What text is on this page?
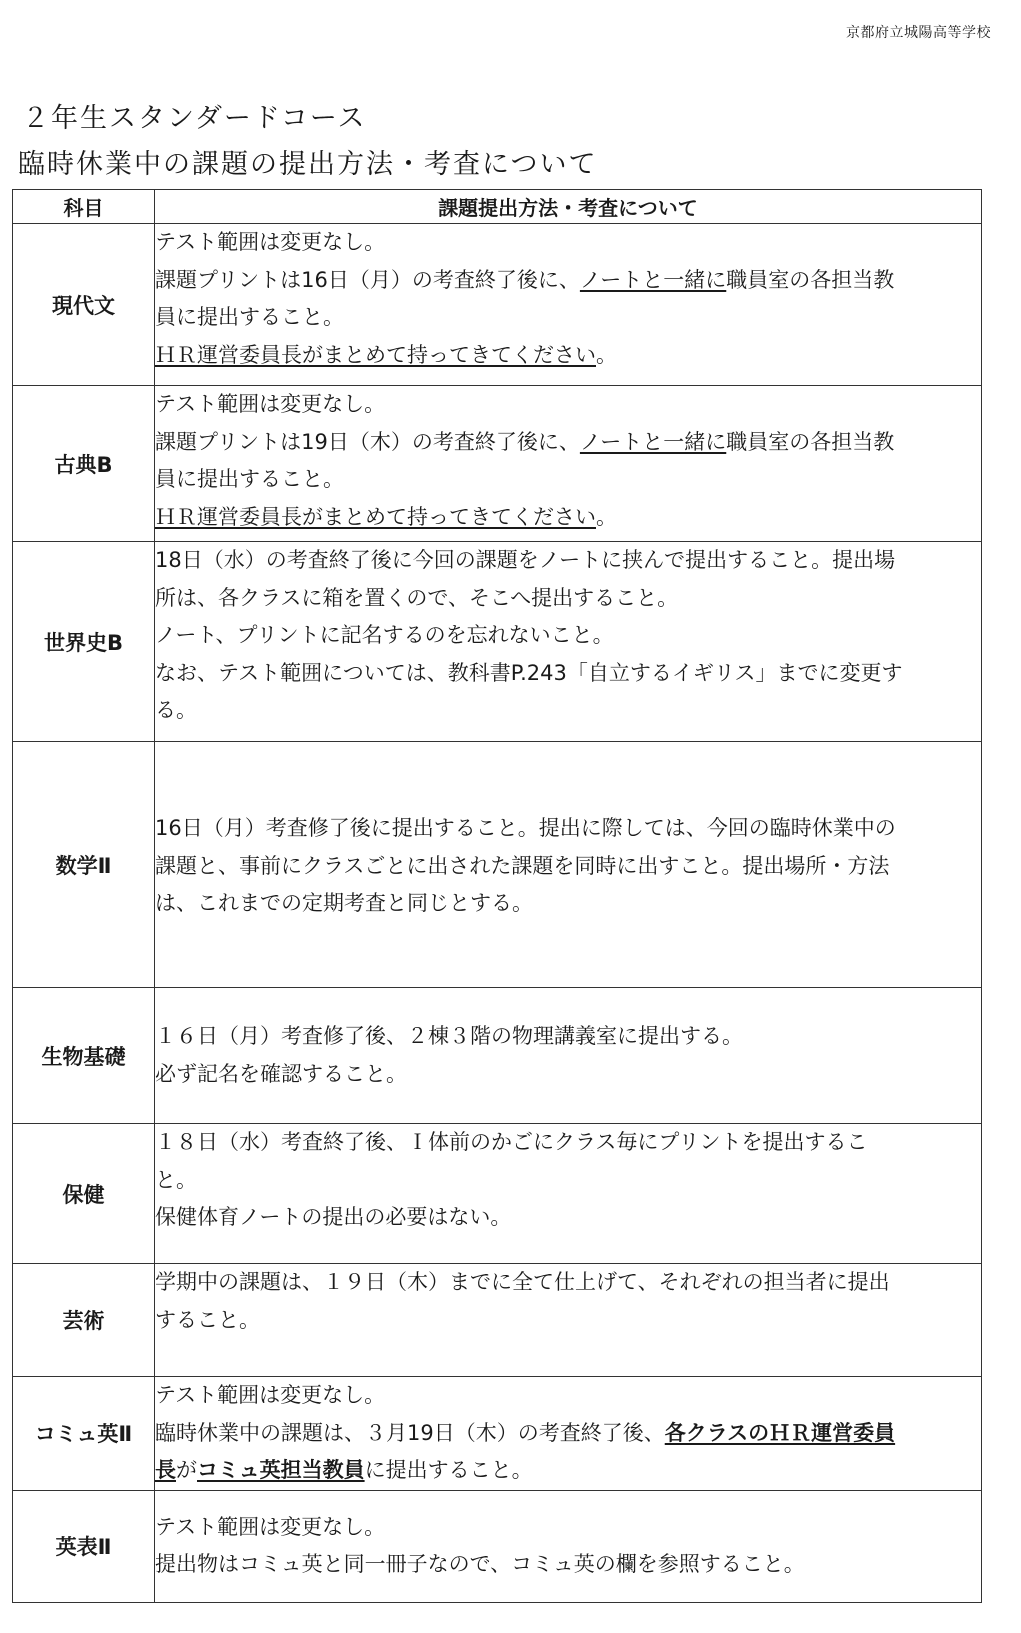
京都府立城陽高等学校
２年生スタンダードコース
臨時休業中の課題の提出方法・考査について
科目	課題提出方法・考査について
現代文	テスト範囲は変更なし。
課題プリントは16日（月）の考査終了後に、ノートと一緒に職員室の各担当教
員に提出すること。
ＨＲ運営委員長がまとめて持ってきてください。

古典B	テスト範囲は変更なし。
課題プリントは19日（木）の考査終了後に、ノートと一緒に職員室の各担当教
員に提出すること。
ＨＲ運営委員長がまとめて持ってきてください。

世界史B	18日（水）の考査終了後に今回の課題をノートに挟んで提出すること。提出場
所は、各クラスに箱を置くので、そこへ提出すること。
ノート、プリントに記名するのを忘れないこと。
なお、テスト範囲については、教科書P.243「自立するイギリス」までに変更す
る。

数学Ⅱ	16日（月）考査修了後に提出すること。提出に際しては、今回の臨時休業中の
課題と、事前にクラスごとに出された課題を同時に出すこと。提出場所・方法
は、これまでの定期考査と同じとする。

生物基礎	１６日（月）考査修了後、２棟３階の物理講義室に提出する。
必ず記名を確認すること。

保健	１８日（水）考査終了後、Ｉ体前のかごにクラス毎にプリントを提出するこ
と。
保健体育ノートの提出の必要はない。

芸術	学期中の課題は、１９日（木）までに全て仕上げて、それぞれの担当者に提出
すること。

コミュ英Ⅱ	テスト範囲は変更なし。
臨時休業中の課題は、３月19日（木）の考査終了後、各クラスのＨＲ運営委員
長がコミュ英担当教員に提出すること。

英表Ⅱ	テスト範囲は変更なし。
提出物はコミュ英と同一冊子なので、コミュ英の欄を参照すること。
